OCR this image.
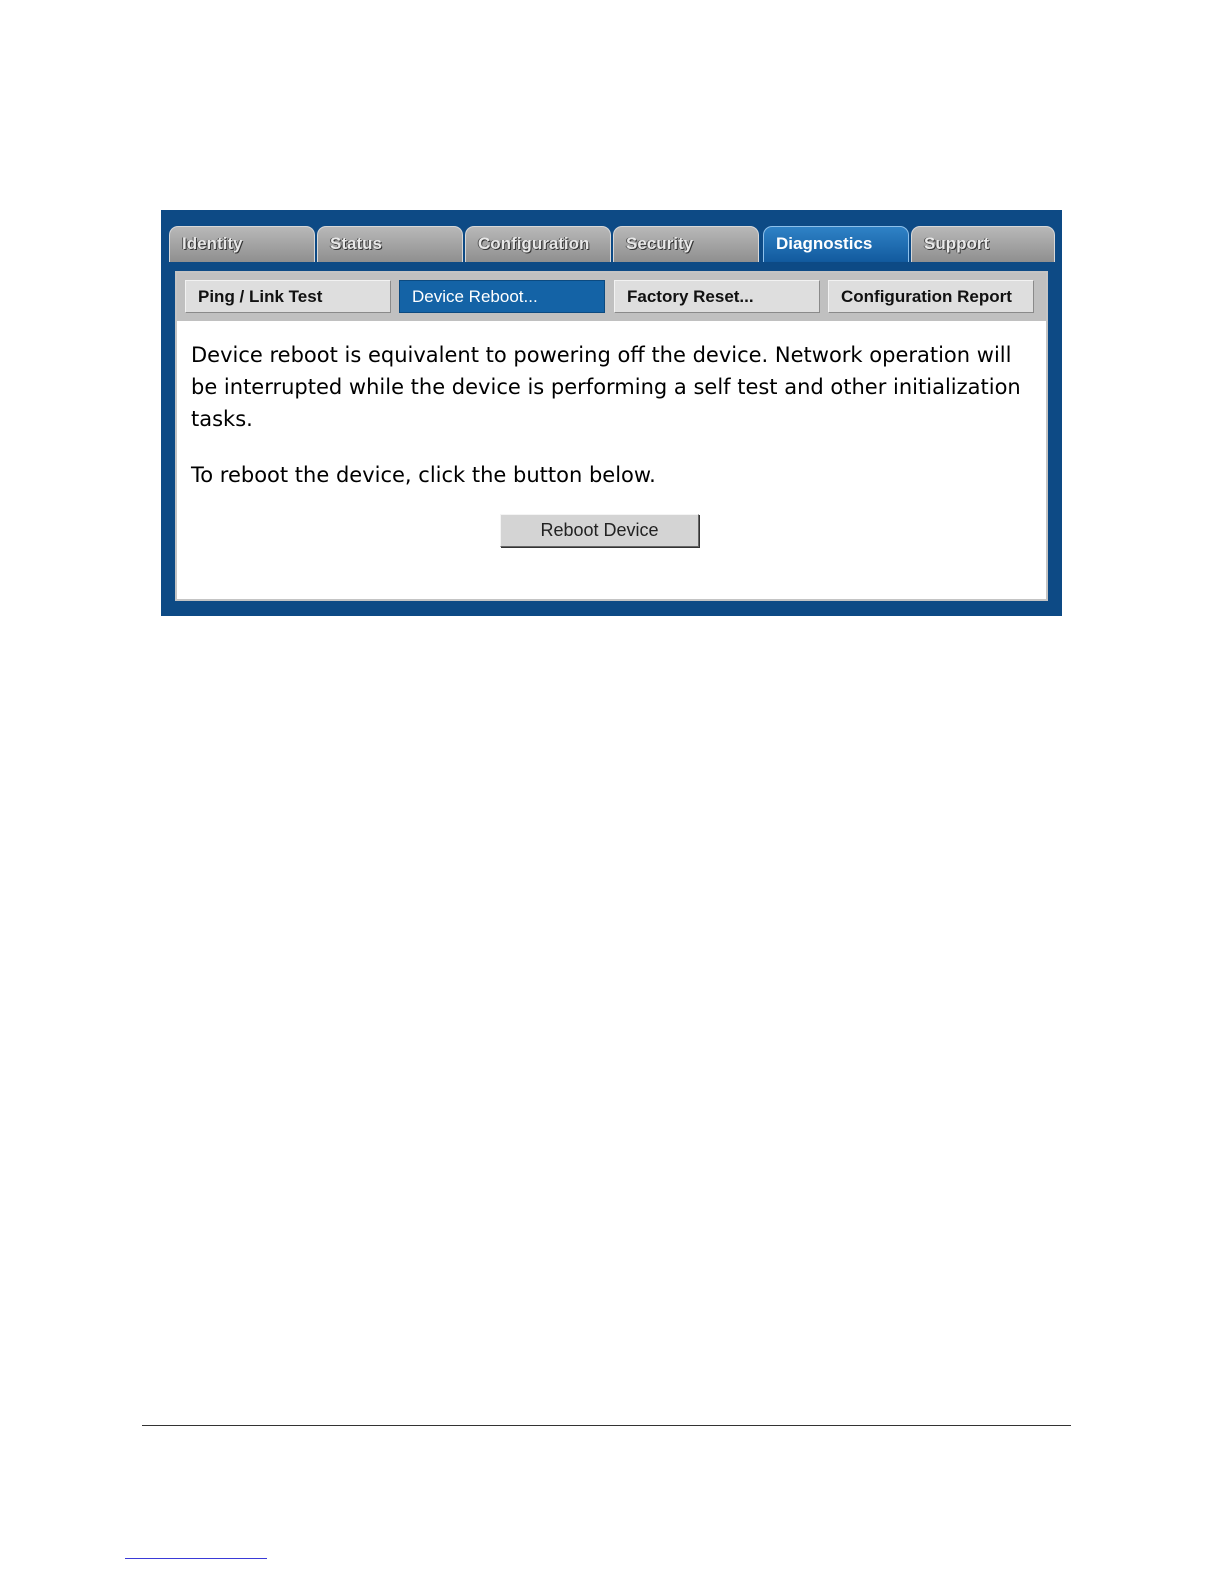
Identity	Status	Configuration	Security	Diagnostics	Support
Ping / Link Test	Device Reboot...	Factory Reset...	Configuration Report

Device reboot is equivalent to powering off the device. Network operation will be interrupted while the device is performing a self test and other initialization tasks.

To reboot the device, click the button below.

Reboot Device
